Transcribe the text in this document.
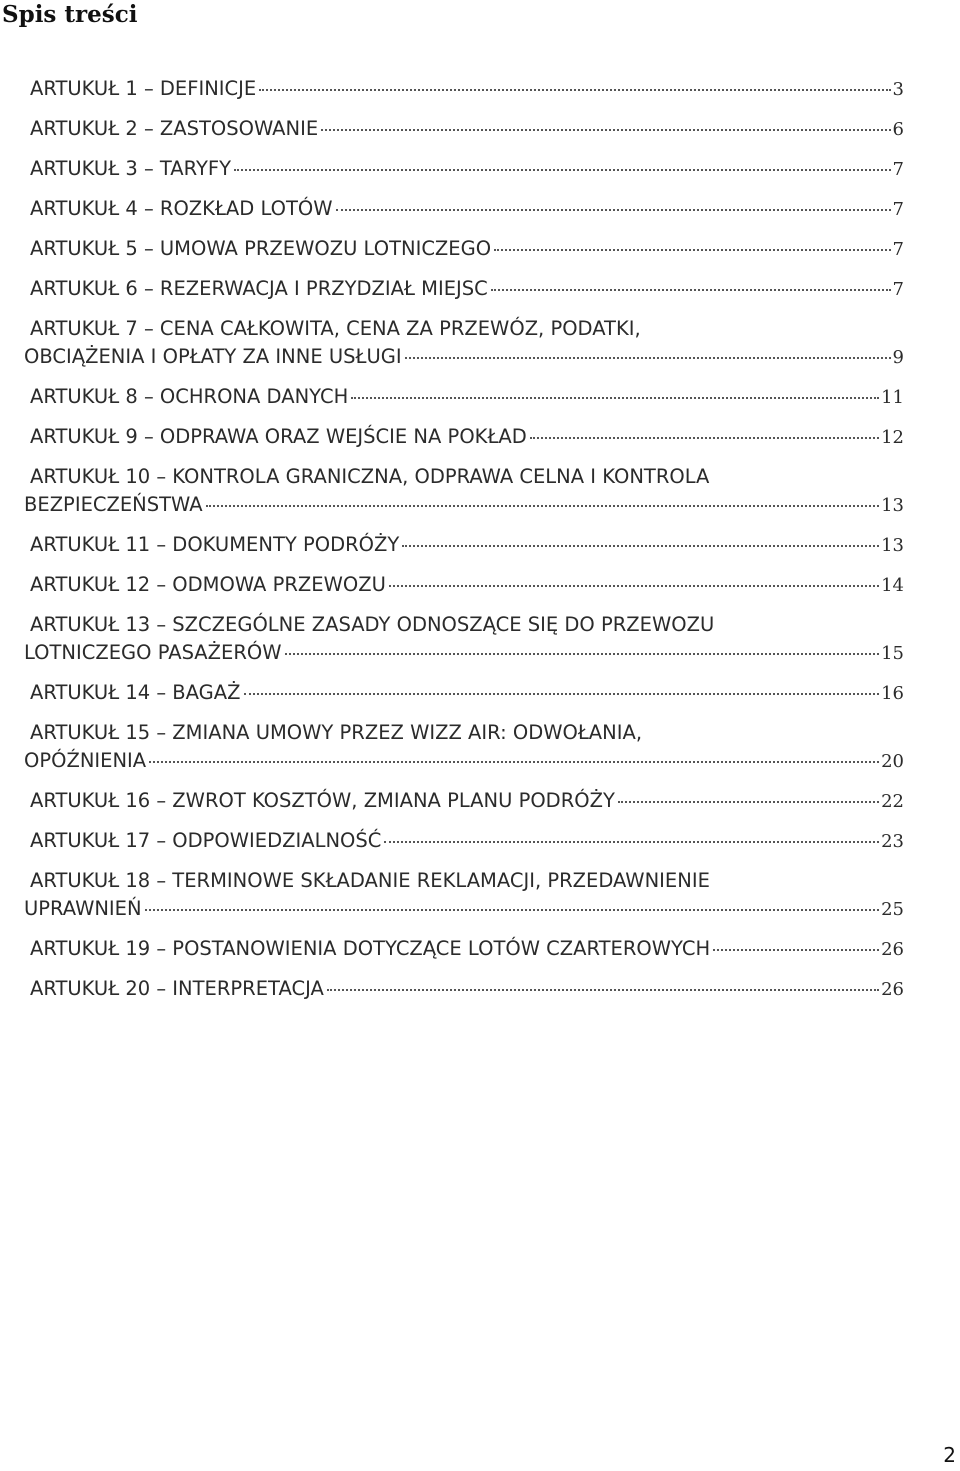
Spis treści
ARTUKUŁ 1 – DEFINICJE	3
ARTUKUŁ 2 – ZASTOSOWANIE	6
ARTUKUŁ 3 – TARYFY	7
ARTUKUŁ 4 – ROZKŁAD LOTÓW	7
ARTUKUŁ 5 – UMOWA PRZEWOZU LOTNICZEGO	7
ARTUKUŁ 6 – REZERWACJA I PRZYDZIAŁ MIEJSC	7
ARTUKUŁ 7 – CENA CAŁKOWITA, CENA ZA PRZEWÓZ, PODATKI,
OBCIĄŻENIA I OPŁATY ZA INNE USŁUGI	9
ARTUKUŁ 8 – OCHRONA DANYCH	11
ARTUKUŁ 9 – ODPRAWA ORAZ WEJŚCIE NA POKŁAD	12
ARTUKUŁ 10 – KONTROLA GRANICZNA, ODPRAWA CELNA I KONTROLA
BEZPIECZEŃSTWA	13
ARTUKUŁ 11 – DOKUMENTY PODRÓŻY	13
ARTUKUŁ 12 – ODMOWA PRZEWOZU	14
ARTUKUŁ 13 – SZCZEGÓLNE ZASADY ODNOSZĄCE SIĘ DO PRZEWOZU
LOTNICZEGO PASAŻERÓW	15
ARTUKUŁ 14 – BAGAŻ	16
ARTUKUŁ 15 – ZMIANA UMOWY PRZEZ WIZZ AIR: ODWOŁANIA,
OPÓŹNIENIA	20
ARTUKUŁ 16 – ZWROT KOSZTÓW, ZMIANA PLANU PODRÓŻY	22
ARTUKUŁ 17 – ODPOWIEDZIALNOŚĆ	23
ARTUKUŁ 18 – TERMINOWE SKŁADANIE REKLAMACJI, PRZEDAWNIENIE
UPRAWNIEŃ	25
ARTUKUŁ 19 – POSTANOWIENIA DOTYCZĄCE LOTÓW CZARTEROWYCH	26
ARTUKUŁ 20 – INTERPRETACJA	26
2
